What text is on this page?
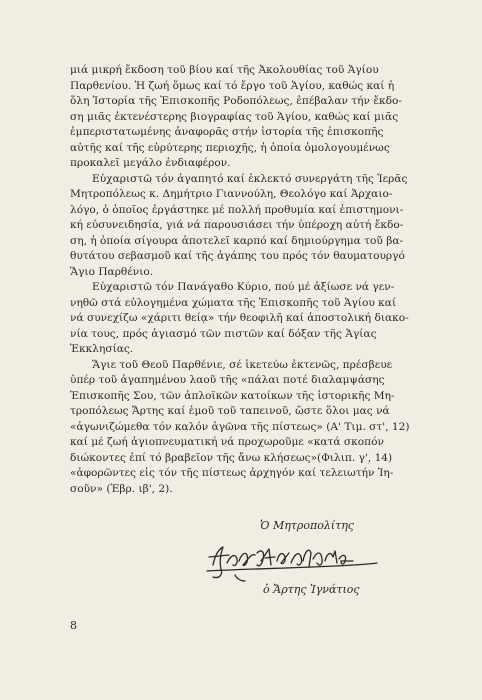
μιά μικρή ἔκδοση τοῦ βίου καί τῆς Ἀκολουθίας τοῦ Ἁγίου
Παρθενίου. Ἡ ζωή ὅμως καί τό ἔργο τοῦ Ἁγίου, καθώς καί ἡ
ὅλη Ἱστορία τῆς Ἐπισκοπῆς Ροδοπόλεως, ἐπέβαλαν τήν ἔκδο-
ση μιᾶς ἐκτενέστερης βιογραφίας τοῦ Ἁγίου, καθώς καί μιᾶς
ἐμπεριστατωμένης ἀναφορᾶς στήν ἱστορία τῆς ἐπισκοπῆς
αὐτῆς καί τῆς εὐρύτερης περιοχῆς, ἡ ὁποία ὁμολογουμένως
προκαλεῖ μεγάλο ἐνδιαφέρον.

Εὐχαριστῶ τόν ἀγαπητό καί ἐκλεκτό συνεργάτη τῆς Ἱερᾶς
Μητροπόλεως κ. Δημήτριο Γιαννούλη, Θεολόγο καί Ἀρχαιο-
λόγο, ὁ ὁποῖος ἐργάστηκε μέ πολλή προθυμία καί ἐπιστημονι-
κή εὐσυνειδησία, γιά νά παρουσιάσει τήν ὑπέροχη αὐτή ἔκδο-
ση, ἡ ὁποία σίγουρα ἀποτελεῖ καρπό καί δημιούργημα τοῦ βα-
θυτάτου σεβασμοῦ καί τῆς ἀγάπης του πρός τόν θαυματουργό
Ἅγιο Παρθένιο.

Εὐχαριστῶ τόν Πανάγαθο Κύριο, πού μέ ἀξίωσε νά γεν-
νηθῶ στά εὐλογημένα χώματα τῆς Ἐπισκοπῆς τοῦ Ἁγίου καί
νά συνεχίζω «χάριτι θείᾳ» τήν θεοφιλῆ καί ἀποστολική διακο-
νία τους, πρός ἁγιασμό τῶν πιστῶν καί δόξαν τῆς Ἁγίας
Ἐκκλησίας.

Ἅγιε τοῦ Θεοῦ Παρθένιε, σέ ἱκετεύω ἐκτενῶς, πρέσβευε
ὑπέρ τοῦ ἀγαπημένου λαοῦ τῆς «πάλαι ποτέ διαλαμψάσης
Ἐπισκοπῆς Σου, τῶν ἀπλοϊκῶν κατοίκων τῆς ἱστορικῆς Μη-
τροπόλεως Ἄρτης καί ἐμοῦ τοῦ ταπεινοῦ, ὥστε ὅλοι μας νά
«ἀγωνιζώμεθα τόν καλόν ἀγῶνα τῆς πίστεως» (Α' Τιμ. στ', 12)
καί μέ ζωή ἁγιοπνευματική νά προχωροῦμε «κατά σκοπόν
διώκοντες ἐπί τό βραβεῖον τῆς ἄνω κλήσεως»(Φιλιπ. γ', 14)
«ἀφορῶντες εἰς τόν τῆς πίστεως ἀρχηγόν καί τελειωτήν Ἰη-
σοῦν» (Ἑβρ. ιβ', 2).

Ὁ Μητροπολίτης
ὁ Ἄρτης Ἰγνάτιος
8
